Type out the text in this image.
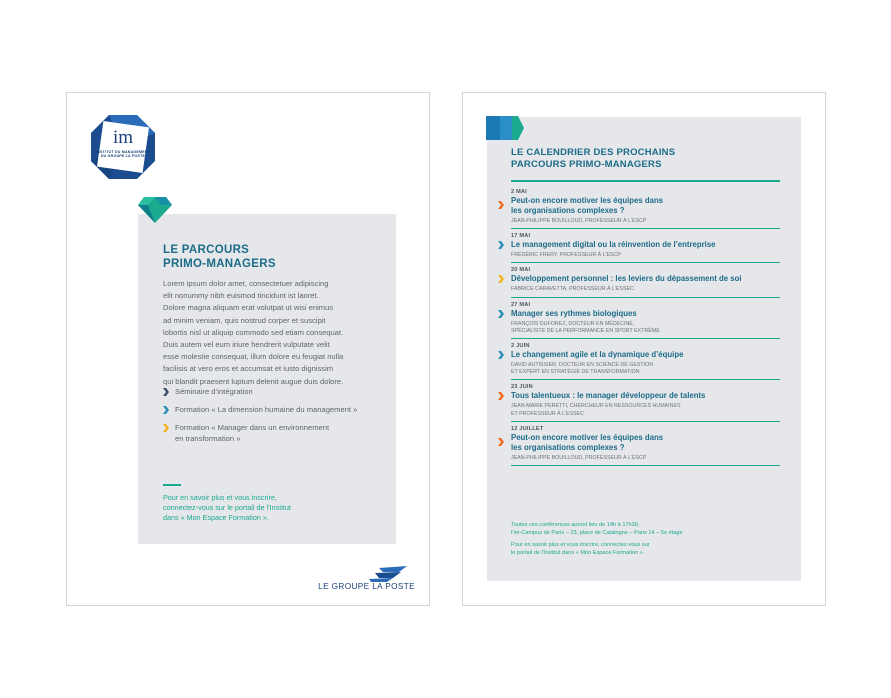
im
INSTITUT DU MANAGEMENT
DU GROUPE LA POSTE
LE PARCOURS
PRIMO-MANAGERS
Lorem ipsum dolor amet, consectetuer adipiscing
elit nonummy nibh euismod tincidunt ist laoret.
Dolore magna aliquam erat volutpat ut wisi enimus
ad minim veniam, quis nostrud corper et suscipit
lobortis nisl ut aliquip commodo sed etiam consequat.
Duis autem vel eum iriure hendrerit vulputate velit
esse molestie consequat, illum dolore eu feugiat nulla
facilisis at vero eros et accumsat et iusto dignissim
qui blandit praesent luptum delenit augue duis dolore.
Séminaire d’intégration
Formation « La dimension humaine du management »
Formation « Manager dans un environnement
en transformation »
Pour en savoir plus et vous inscrire,
connectez-vous sur le portail de l’Institut
dans « Mon Espace Formation ».
LE GROUPE LA POSTE
LE CALENDRIER DES PROCHAINS
PARCOURS PRIMO-MANAGERS
2 MAI
Peut-on encore motiver les équipes dans
les organisations complexes ?
JEAN-PHILIPPE BOUILLOUD, PROFESSEUR À L’ESCP
17 MAI
Le management digital ou la réinvention de l’entreprise
FRÉDÉRIC FRERY, PROFESSEUR À L’ESCP
20 MAI
Développement personnel : les leviers du dépassement de soi
FABRICE CARAVETTA, PROFESSEUR À L’ESSEC
27 MAI
Manager ses rythmes biologiques
FRANÇOIS DUFOREZ, DOCTEUR EN MÉDECINE,
SPÉCIALISTE DE LA PERFORMANCE EN SPORT EXTRÊME
2 JUIN
Le changement agile et la dynamique d’équipe
DAVID AUTISSIER, DOCTEUR EN SCIENCE DE GESTION
ET EXPERT EN STRATÉGIE DE TRANSFORMATION
23 JUIN
Tous talentueux : le manager développeur de talents
JEAN-MARIE PERETTI, CHERCHEUR EN RESSOURCES HUMAINES
ET PROFESSEUR À L’ESSEC
12 JUILLET
Peut-on encore motiver les équipes dans
les organisations complexes ?
JEAN-PHILIPPE BOUILLOUD, PROFESSEUR À L’ESCP
Toutes ces conférences auront lieu de 14h à 17h30,
l’im-Campus de Paris – 23, place de Catalogne – Paris 14 – 5e étage
Pour en savoir plus et vous inscrire, connectez-vous sur
le portail de l’Institut dans « Mon Espace Formation ».
